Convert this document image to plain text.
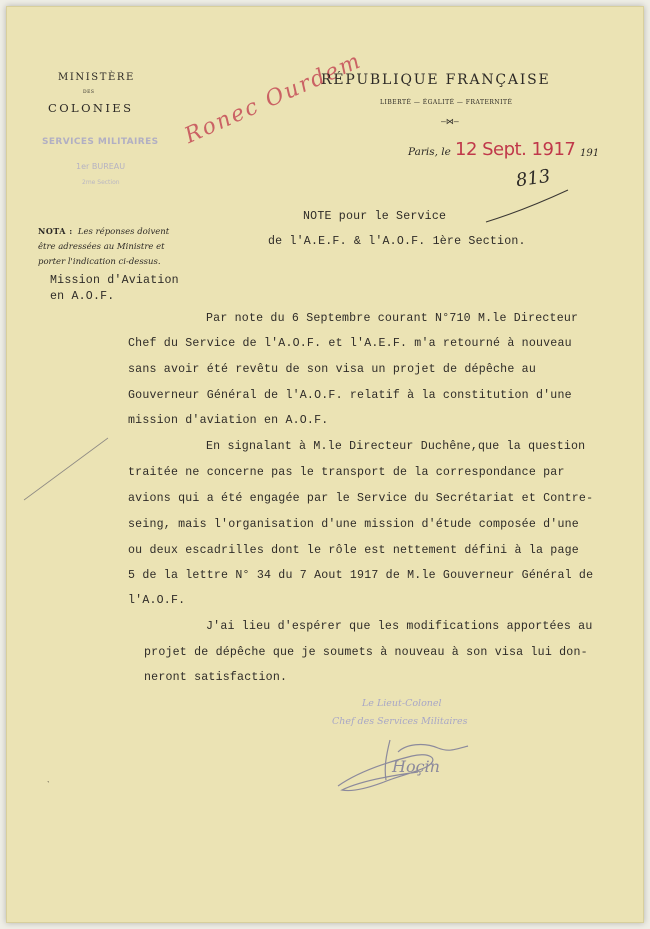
MINISTÈRE
DES
COLONIES
SERVICES MILITAIRES
1er BUREAU
2me Section
Ronec Ourdem
RÉPUBLIQUE FRANÇAISE
LIBERTÉ — ÉGALITÉ — FRATERNITÉ
—⋈—
Paris, le 12 Sept. 1917 191
813
NOTA : Les réponses doivent
être adressées au Ministre et
porter l'indication ci-dessus.
Mission d'Aviation
en A.O.F.
NOTE pour le Service
de l'A.E.F. & l'A.O.F. 1ère Section.
Par note du 6 Septembre courant N°710 M.le Directeur
Chef du Service de l'A.O.F. et l'A.E.F. m'a retourné à nouveau
sans avoir été revêtu de son visa un projet de dépêche au
Gouverneur Général de l'A.O.F. relatif à la constitution d'une
mission d'aviation en A.O.F.
En signalant à M.le Directeur Duchêne,que la question
traitée ne concerne pas le transport de la correspondance par
avions qui a été engagée par le Service du Secrétariat et Contre-
seing, mais l'organisation d'une mission d'étude composée d'une
ou deux escadrilles dont le rôle est nettement défini à la page
5 de la lettre N° 34 du 7 Aout 1917 de M.le Gouverneur Général de
l'A.O.F.
J'ai lieu d'espérer que les modifications apportées au
projet de dépêche que je soumets à nouveau à son visa lui don-
neront satisfaction.
Le Lieut-Colonel
Chef des Services Militaires
Hoçin
ˋ
